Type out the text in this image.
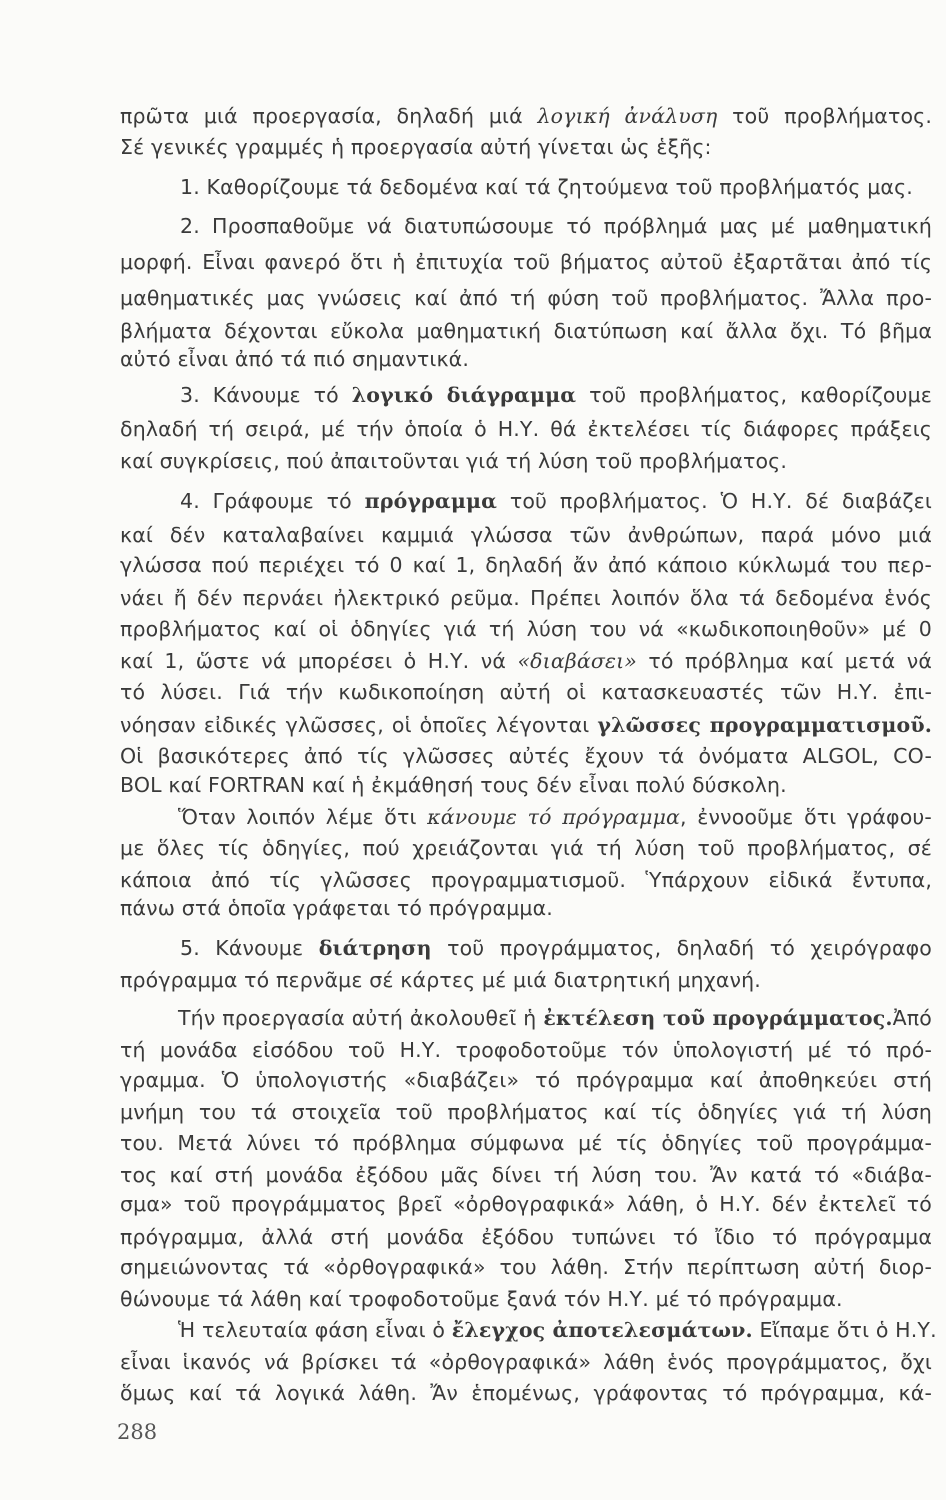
πρῶτα μιά προεργασία, δηλαδή μιά λογική ἀνάλυση τοῦ προβλήματος.
Σέ γενικές γραμμές ἡ προεργασία αὐτή γίνεται ὡς ἑξῆς:
1. Καθορίζουμε τά δεδομένα καί τά ζητούμενα τοῦ προβλήματός μας.
2. Προσπαθοῦμε νά διατυπώσουμε τό πρόβλημά μας μέ μαθηματική
μορφή. Εἶναι φανερό ὅτι ἡ ἐπιτυχία τοῦ βήματος αὐτοῦ ἐξαρτᾶται ἀπό τίς
μαθηματικές μας γνώσεις καί ἀπό τή φύση τοῦ προβλήματος. Ἄλλα προ-
βλήματα δέχονται εὔκολα μαθηματική διατύπωση καί ἄλλα ὄχι. Τό βῆμα
αὐτό εἶναι ἀπό τά πιό σημαντικά.
3. Κάνουμε τό λογικό διάγραμμα τοῦ προβλήματος, καθορίζουμε
δηλαδή τή σειρά, μέ τήν ὁποία ὁ Η.Υ. θά ἐκτελέσει τίς διάφορες πράξεις
καί συγκρίσεις, πού ἀπαιτοῦνται γιά τή λύση τοῦ προβλήματος.
4. Γράφουμε τό πρόγραμμα τοῦ προβλήματος. Ὁ Η.Υ. δέ διαβάζει
καί δέν καταλαβαίνει καμμιά γλώσσα τῶν ἀνθρώπων, παρά μόνο μιά
γλώσσα πού περιέχει τό 0 καί 1, δηλαδή ἄν ἀπό κάποιο κύκλωμά του περ-
νάει ἤ δέν περνάει ἠλεκτρικό ρεῦμα. Πρέπει λοιπόν ὅλα τά δεδομένα ἑνός
προβλήματος καί οἱ ὁδηγίες γιά τή λύση του νά «κωδικοποιηθοῦν» μέ 0
καί 1, ὥστε νά μπορέσει ὁ Η.Υ. νά «διαβάσει» τό πρόβλημα καί μετά νά
τό λύσει. Γιά τήν κωδικοποίηση αὐτή οἱ κατασκευαστές τῶν Η.Υ. ἐπι-
νόησαν εἰδικές γλῶσσες, οἱ ὁποῖες λέγονται γλῶσσες προγραμματισμοῦ.
Οἱ βασικότερες ἀπό τίς γλῶσσες αὐτές ἔχουν τά ὀνόματα ALGOL, CO-
BOL καί FORTRAN καί ἡ ἐκμάθησή τους δέν εἶναι πολύ δύσκολη.
Ὅταν λοιπόν λέμε ὅτι κάνουμε τό πρόγραμμα, ἐννοοῦμε ὅτι γράφου-
με ὅλες τίς ὁδηγίες, πού χρειάζονται γιά τή λύση τοῦ προβλήματος, σέ
κάποια ἀπό τίς γλῶσσες προγραμματισμοῦ. Ὑπάρχουν εἰδικά ἔντυπα,
πάνω στά ὁποῖα γράφεται τό πρόγραμμα.
5. Κάνουμε διάτρηση τοῦ προγράμματος, δηλαδή τό χειρόγραφο
πρόγραμμα τό περνᾶμε σέ κάρτες μέ μιά διατρητική μηχανή.
Τήν προεργασία αὐτή ἀκολουθεῖ ἡ ἐκτέλεση τοῦ προγράμματος.Ἀπό
τή μονάδα εἰσόδου τοῦ Η.Υ. τροφοδοτοῦμε τόν ὑπολογιστή μέ τό πρό-
γραμμα. Ὁ ὑπολογιστής «διαβάζει» τό πρόγραμμα καί ἀποθηκεύει στή
μνήμη του τά στοιχεῖα τοῦ προβλήματος καί τίς ὁδηγίες γιά τή λύση
του. Μετά λύνει τό πρόβλημα σύμφωνα μέ τίς ὁδηγίες τοῦ προγράμμα-
τος καί στή μονάδα ἐξόδου μᾶς δίνει τή λύση του. Ἄν κατά τό «διάβα-
σμα» τοῦ προγράμματος βρεῖ «ὀρθογραφικά» λάθη, ὁ Η.Υ. δέν ἐκτελεῖ τό
πρόγραμμα, ἀλλά στή μονάδα ἐξόδου τυπώνει τό ἴδιο τό πρόγραμμα
σημειώνοντας τά «ὀρθογραφικά» του λάθη. Στήν περίπτωση αὐτή διορ-
θώνουμε τά λάθη καί τροφοδοτοῦμε ξανά τόν Η.Υ. μέ τό πρόγραμμα.
Ἡ τελευταία φάση εἶναι ὁ ἔλεγχος ἀποτελεσμάτων. Εἴπαμε ὅτι ὁ Η.Υ.
εἶναι ἱκανός νά βρίσκει τά «ὀρθογραφικά» λάθη ἑνός προγράμματος, ὄχι
ὅμως καί τά λογικά λάθη. Ἄν ἑπομένως, γράφοντας τό πρόγραμμα, κά-
288
